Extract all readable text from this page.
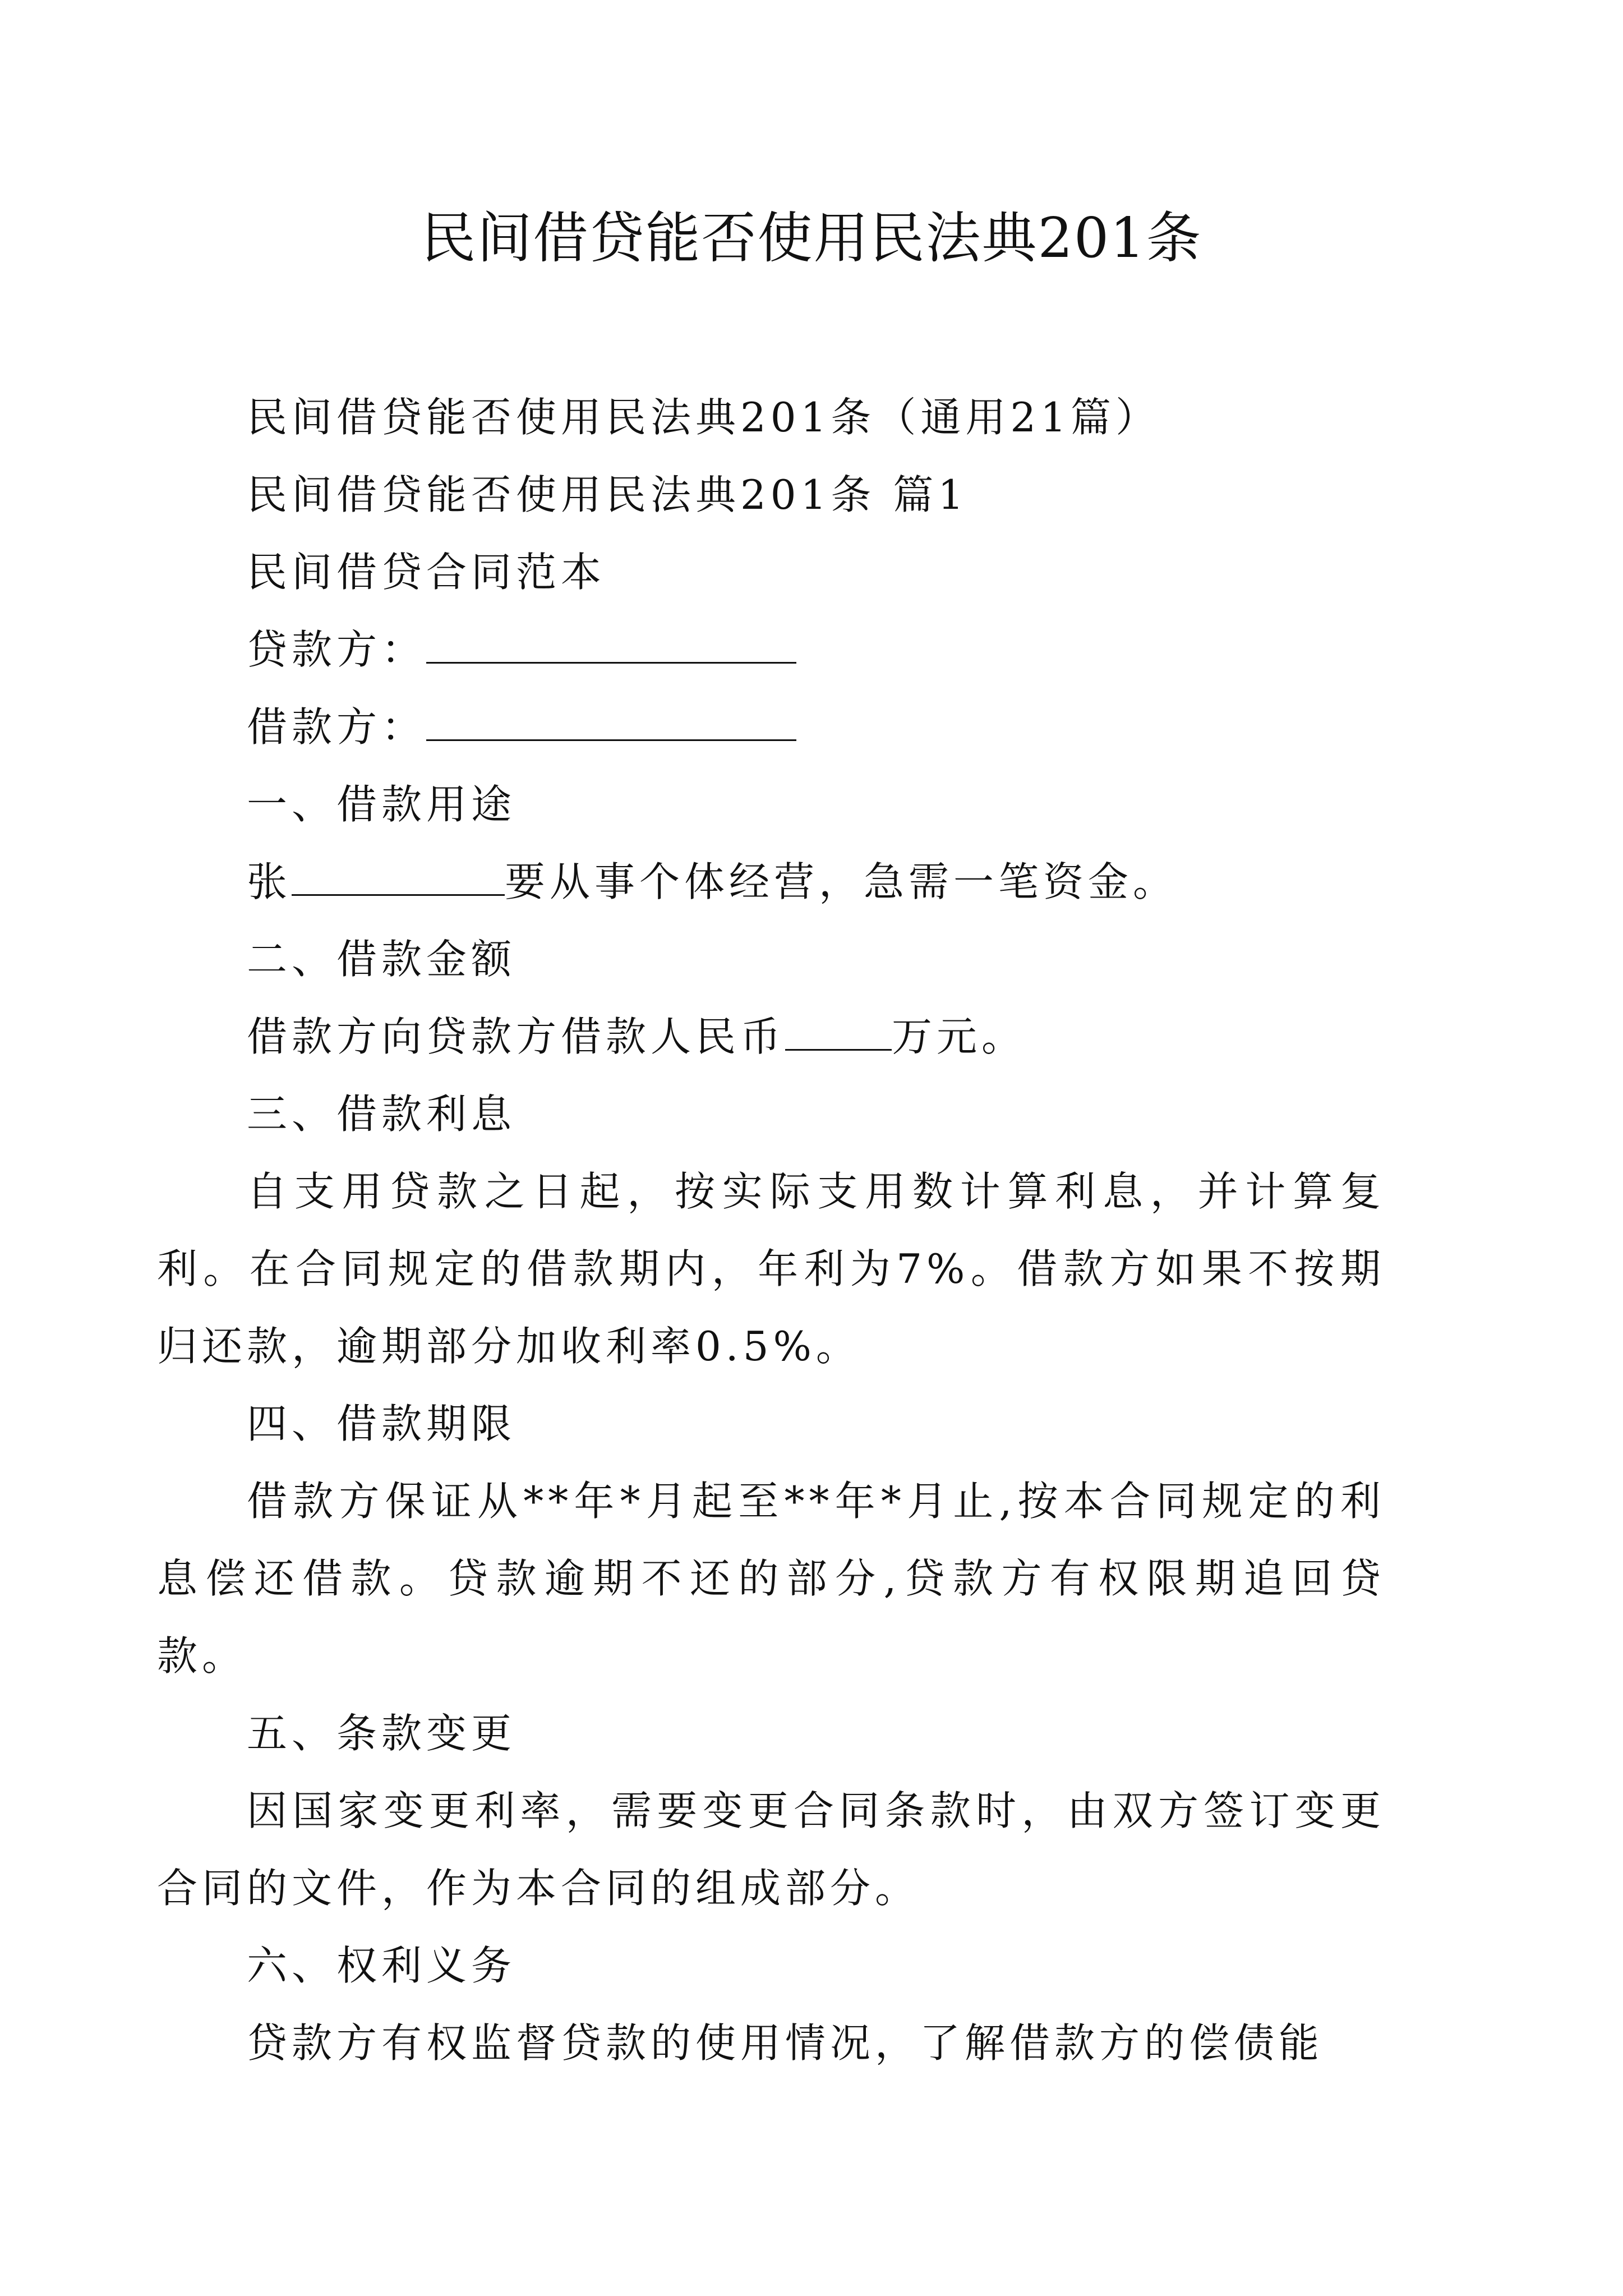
民间借贷能否使用民法典201条
民间借贷能否使用民法典201条（通用21篇）
民间借贷能否使用民法典201条 篇1
民间借贷合同范本
贷款方：
借款方：
一、借款用途
张	要从事个体经营，急需一笔资金。
二、借款金额
借款方向贷款方借款人民币	万元。
三、借款利息
自支用贷款之日起，按实际支用数计算利息，并计算复利。在合同规定的借款期内，年利为7%。借款方如果不按期归还款，逾期部分加收利率0.5%。
四、借款期限
借款方保证从**年*月起至**年*月止,按本合同规定的利息偿还借款。贷款逾期不还的部分,贷款方有权限期追回贷款。
五、条款变更
因国家变更利率，需要变更合同条款时，由双方签订变更合同的文件，作为本合同的组成部分。
六、权利义务
贷款方有权监督贷款的使用情况，了解借款方的偿债能
